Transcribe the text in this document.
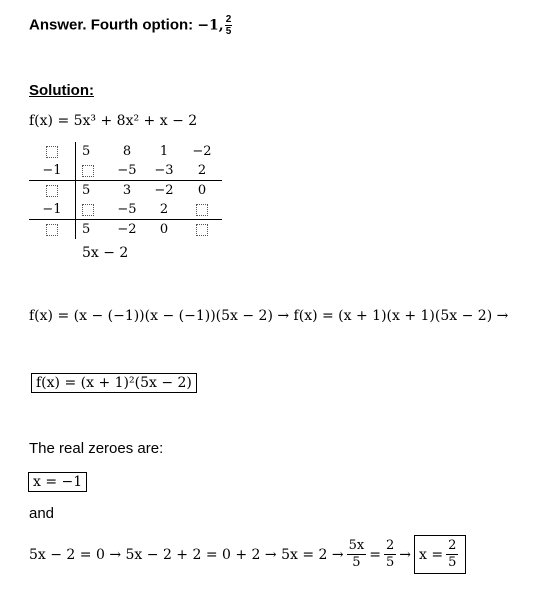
Answer. Fourth option: −1, $\frac{2}{5}$
Solution:
f(x) = 5x³ + 8x² + x − 2
	5	8	1	−2
−1		−5	−3	2
	5	3	−2	0
−1		−5	2	
	5	−2	0	
5x − 2
f(x) = (x − (−1))(x − (−1))(5x − 2) → f(x) = (x + 1)(x + 1)(5x − 2) →
f(x) = (x + 1)²(5x − 2)
The real zeroes are:
x = −1
and
$5x - 2 = 0 \to 5x - 2 + 2 = 0 + 2 \to 5x = 2 \to \frac{5x}{5} = \frac{2}{5} \to x = \frac{2}{5}$
